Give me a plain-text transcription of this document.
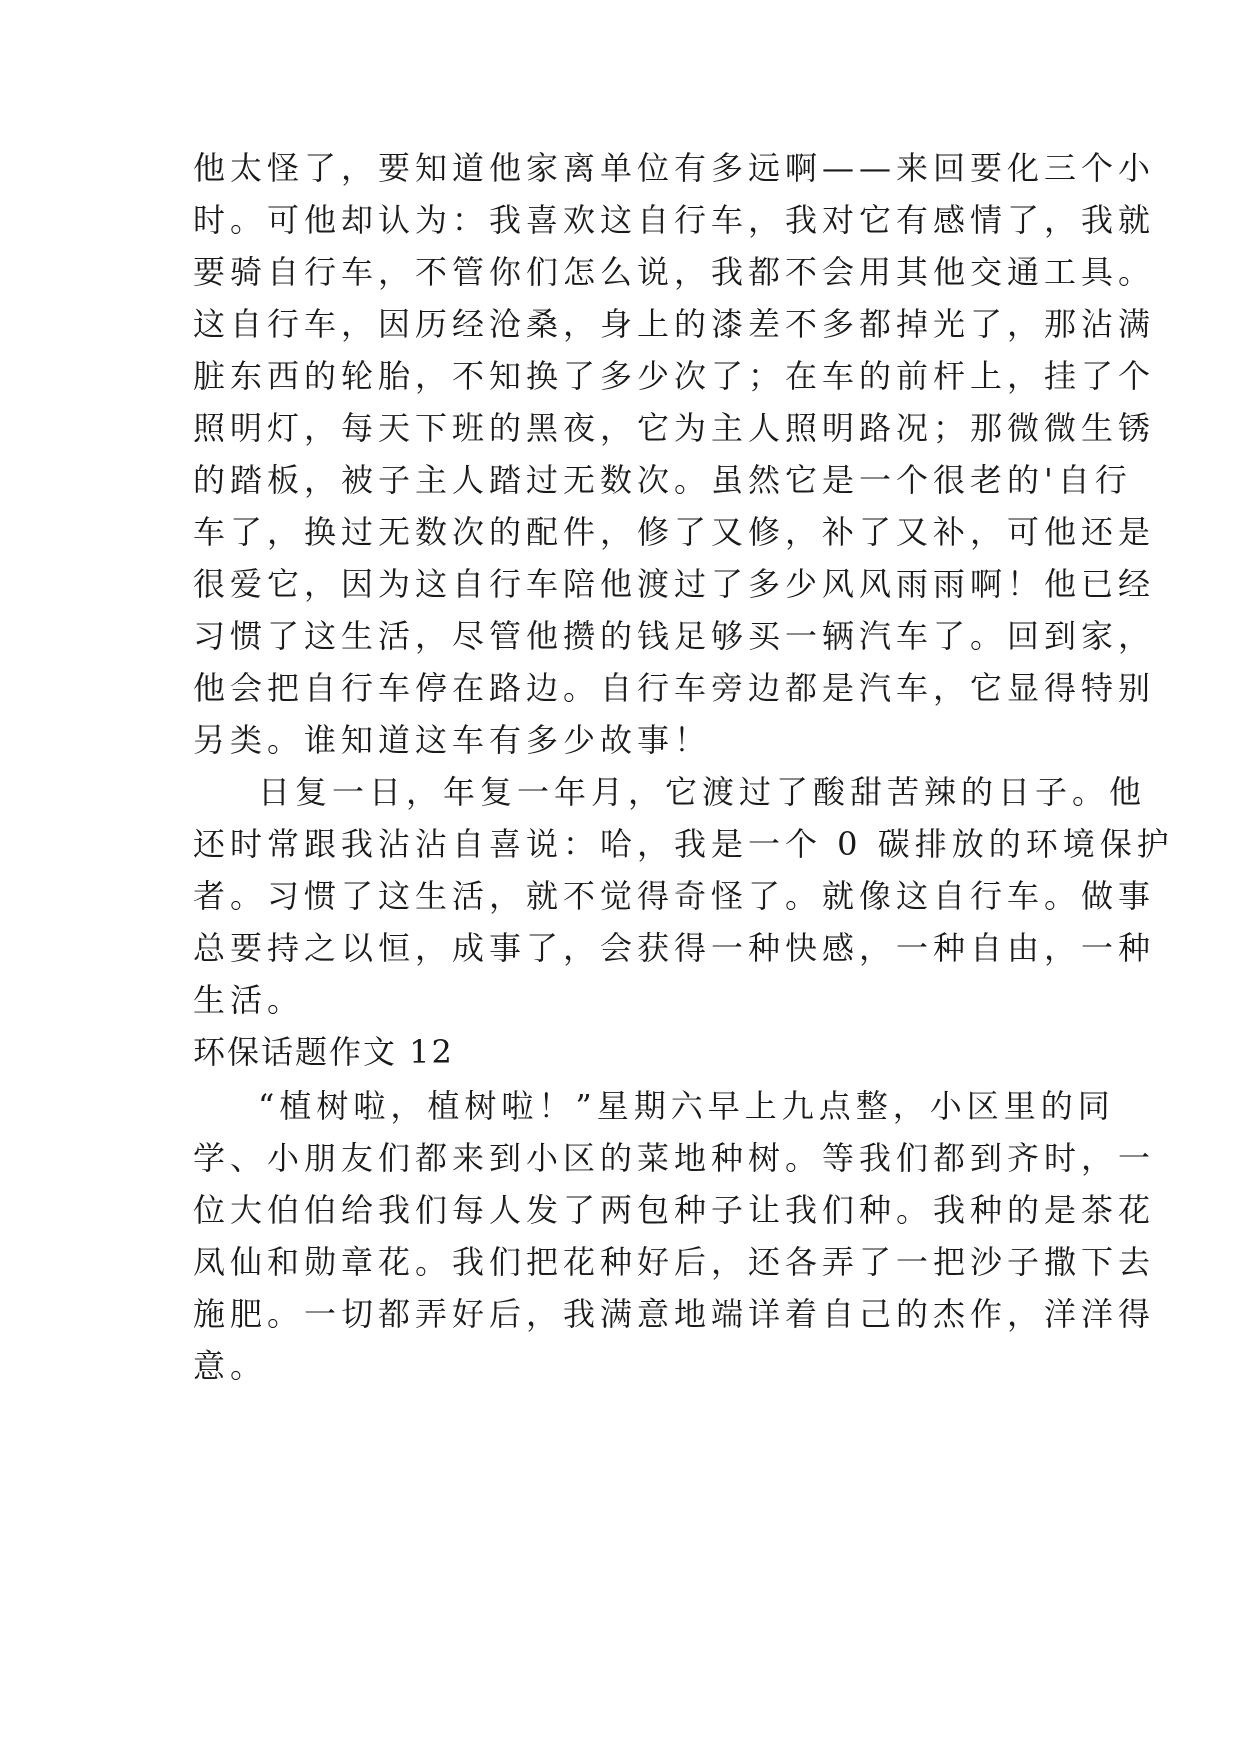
他太怪了，要知道他家离单位有多远啊——来回要化三个小

时。可他却认为：我喜欢这自行车，我对它有感情了，我就

要骑自行车，不管你们怎么说，我都不会用其他交通工具。

这自行车，因历经沧桑，身上的漆差不多都掉光了，那沾满

脏东西的轮胎，不知换了多少次了；在车的前杆上，挂了个

照明灯，每天下班的黑夜，它为主人照明路况；那微微生锈

的踏板，被子主人踏过无数次。虽然它是一个很老的'自行

车了，换过无数次的配件，修了又修，补了又补，可他还是

很爱它，因为这自行车陪他渡过了多少风风雨雨啊！他已经

习惯了这生活，尽管他攒的钱足够买一辆汽车了。回到家，

他会把自行车停在路边。自行车旁边都是汽车，它显得特别

另类。谁知道这车有多少故事！

日复一日，年复一年月，它渡过了酸甜苦辣的日子。他

还时常跟我沾沾自喜说：哈，我是一个 0 碳排放的环境保护

者。习惯了这生活，就不觉得奇怪了。就像这自行车。做事

总要持之以恒，成事了，会获得一种快感，一种自由，一种

生活。

环保话题作文 12

“植树啦，植树啦！”星期六早上九点整，小区里的同

学、小朋友们都来到小区的菜地种树。等我们都到齐时，一

位大伯伯给我们每人发了两包种子让我们种。我种的是茶花

凤仙和勋章花。我们把花种好后，还各弄了一把沙子撒下去

施肥。一切都弄好后，我满意地端详着自己的杰作，洋洋得

意。
